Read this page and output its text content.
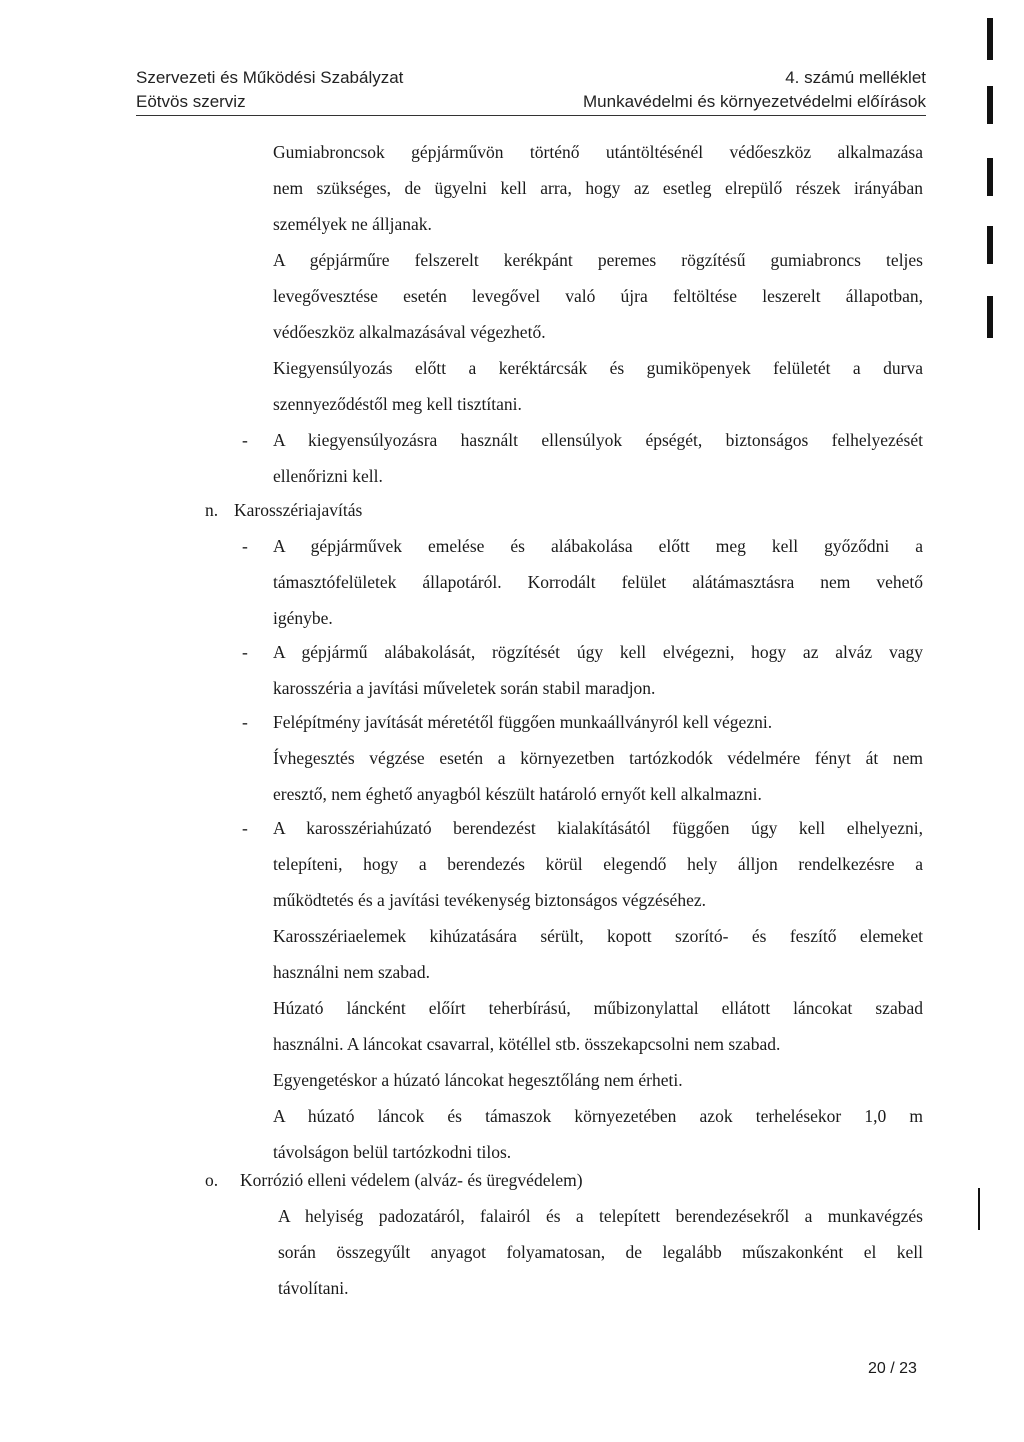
Szervezeti és Működési Szabályzat	4. számú melléklet
Eötvös szerviz	Munkavédelmi és környezetvédelmi előírások
Gumiabroncsok gépjárművön történő utántöltésénél védőeszköz alkalmazása
nem szükséges, de ügyelni kell arra, hogy az esetleg elrepülő részek irányában
személyek ne álljanak.
A gépjárműre felszerelt kerékpánt peremes rögzítésű gumiabroncs teljes
levegővesztése esetén levegővel való újra feltöltése leszerelt állapotban,
védőeszköz alkalmazásával végezhető.
Kiegyensúlyozás előtt a keréktárcsák és gumiköpenyek felületét a durva
szennyeződéstől meg kell tisztítani.
- A kiegyensúlyozásra használt ellensúlyok épségét, biztonságos felhelyezését
ellenőrizni kell.
n. Karosszériajavítás
- A gépjárművek emelése és alábakolása előtt meg kell győződni a
támasztófelületek állapotáról. Korrodált felület alátámasztásra nem vehető
igénybe.
- A gépjármű alábakolását, rögzítését úgy kell elvégezni, hogy az alváz vagy
karosszéria a javítási műveletek során stabil maradjon.
- Felépítmény javítását méretétől függően munkaállványról kell végezni.
Ívhegesztés végzése esetén a környezetben tartózkodók védelmére fényt át nem
eresztő, nem éghető anyagból készült határoló ernyőt kell alkalmazni.
- A karosszériahúzató berendezést kialakításától függően úgy kell elhelyezni,
telepíteni, hogy a berendezés körül elegendő hely álljon rendelkezésre a
működtetés és a javítási tevékenység biztonságos végzéséhez.
Karosszériaelemek kihúzatására sérült, kopott szorító- és feszítő elemeket
használni nem szabad.
Húzató láncként előírt teherbírású, műbizonylattal ellátott láncokat szabad
használni. A láncokat csavarral, kötéllel stb. összekapcsolni nem szabad.
Egyengetéskor a húzató láncokat hegesztőláng nem érheti.
A húzató láncok és támaszok környezetében azok terhelésekor 1,0 m
távolságon belül tartózkodni tilos.
o. Korrózió elleni védelem (alváz- és üregvédelem)
A helyiség padozatáról, falairól és a telepített berendezésekről a munkavégzés
során összegyűlt anyagot folyamatosan, de legalább műszakonként el kell
távolítani.
20 / 23
